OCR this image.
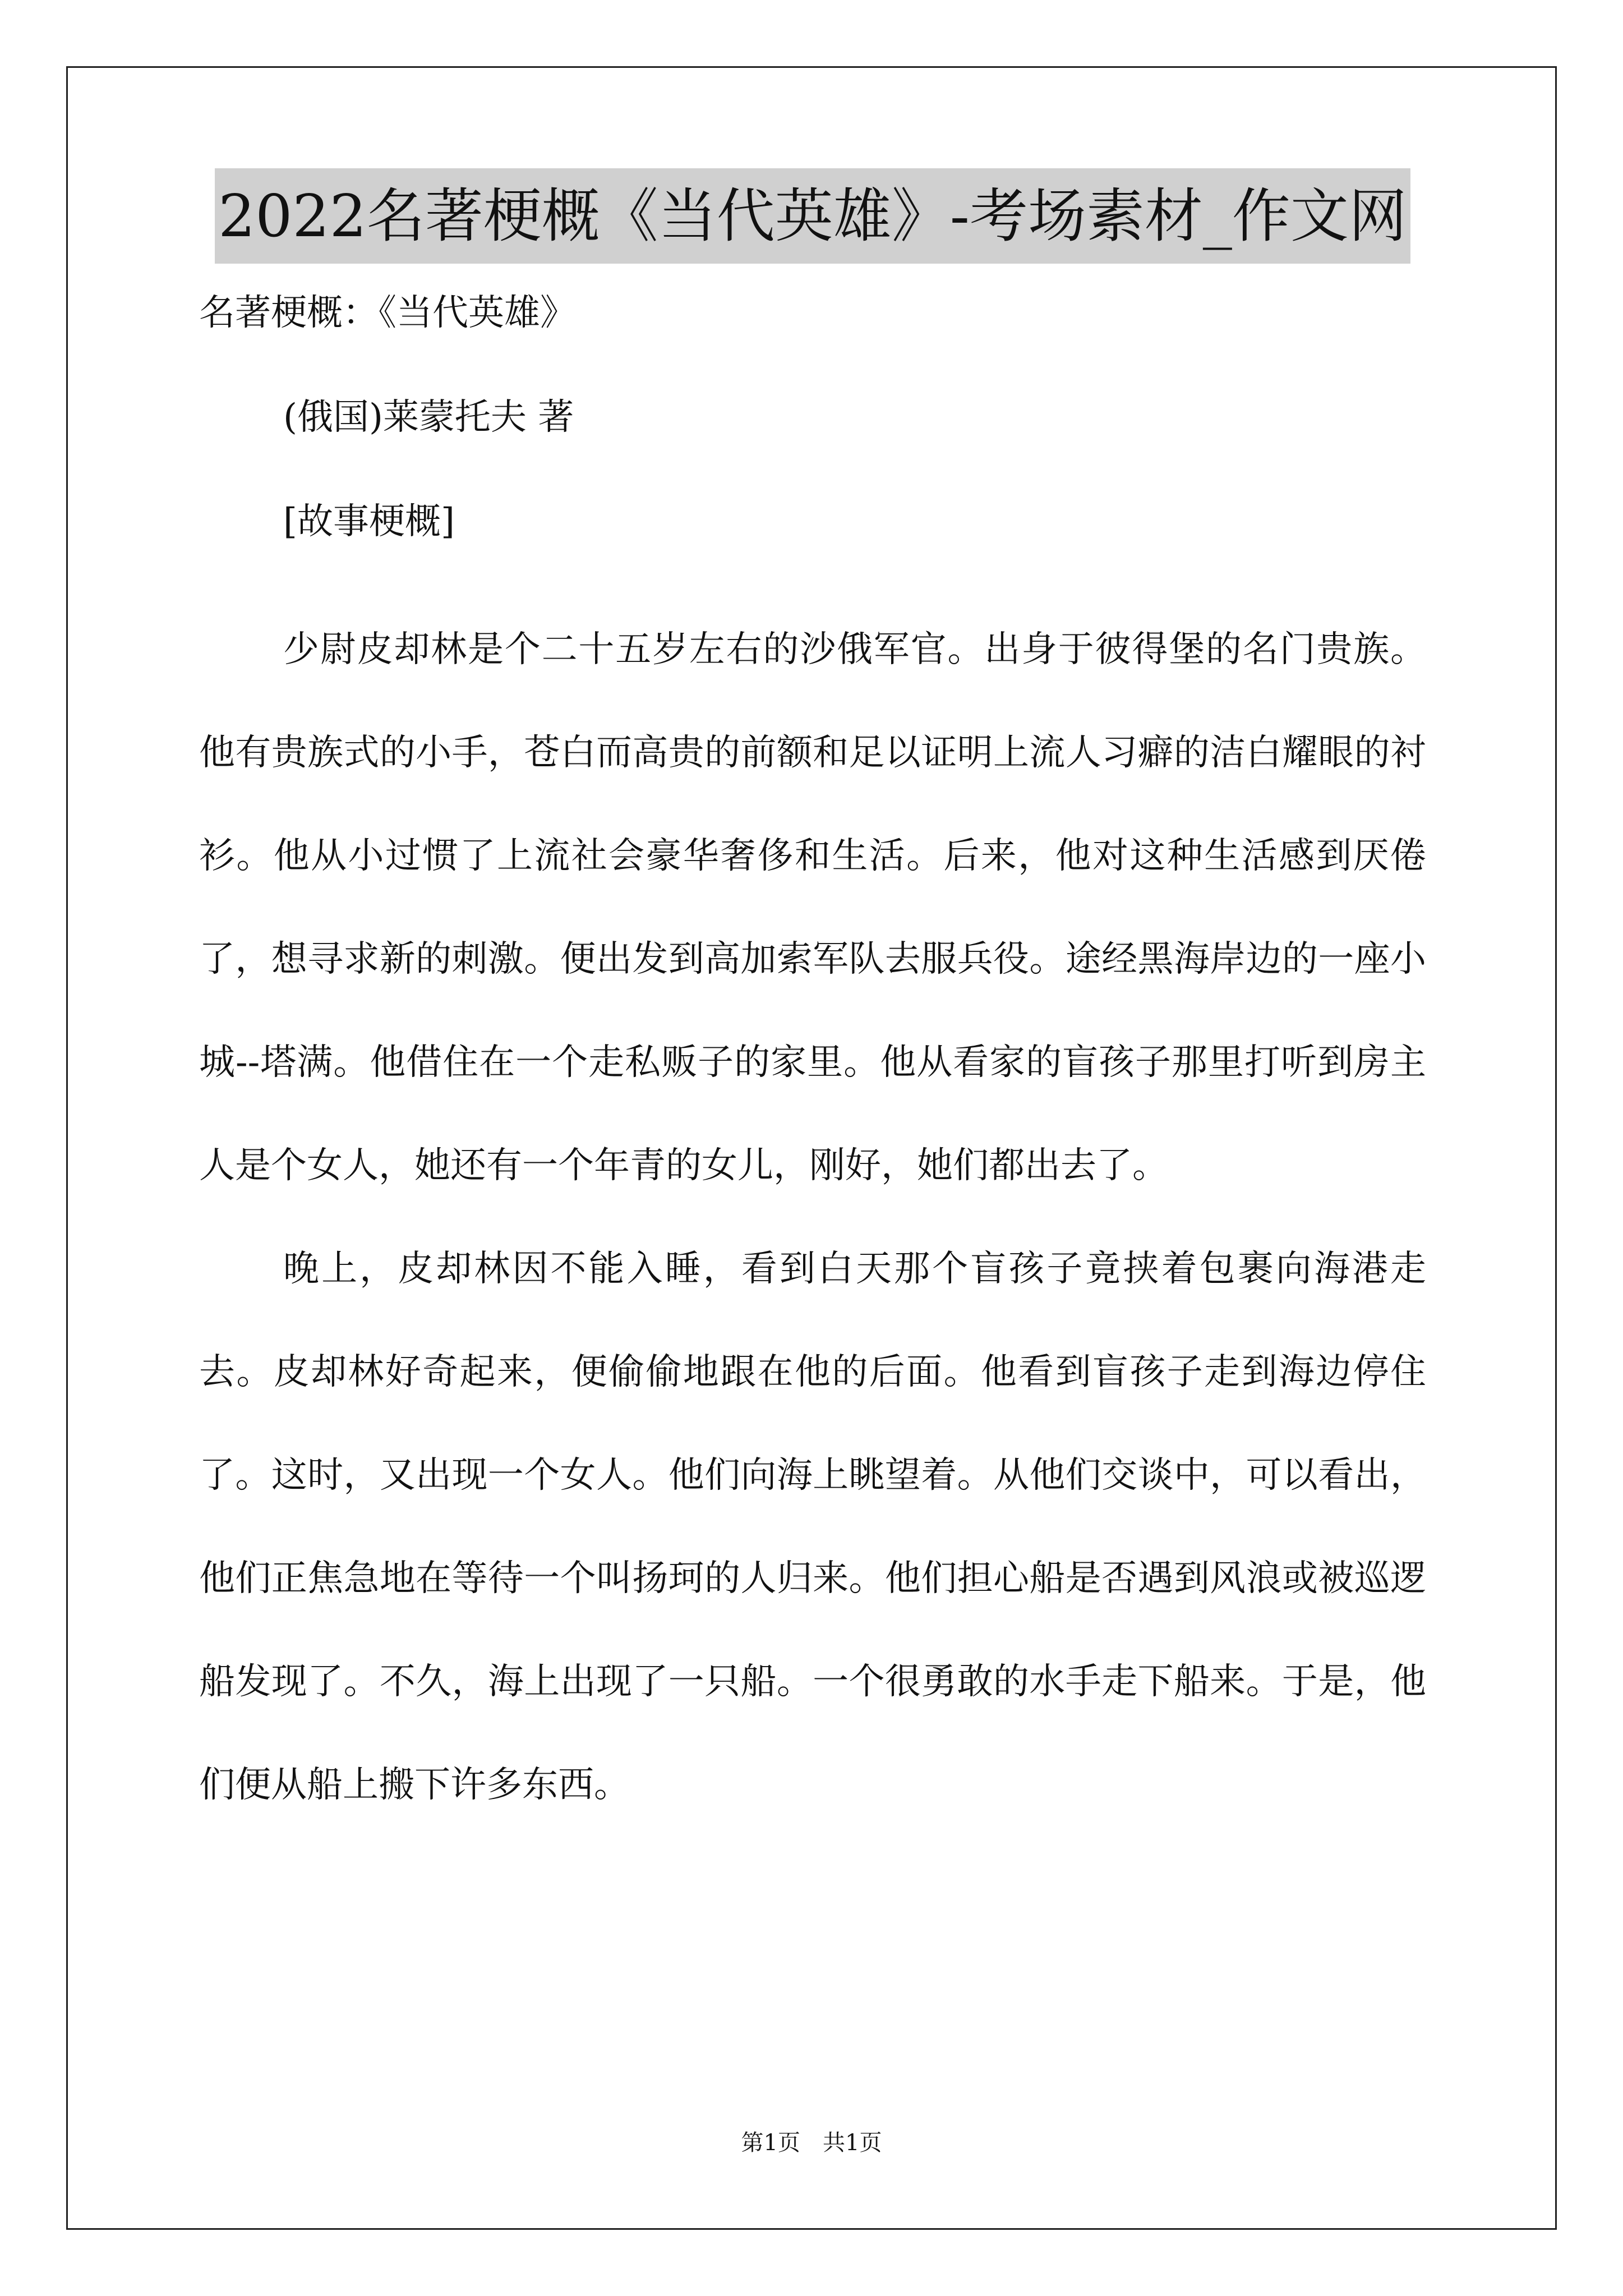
2022名著梗概《当代英雄》-考场素材_作文网

名著梗概：《当代英雄》

(俄国)莱蒙托夫 著

[故事梗概]

少尉皮却林是个二十五岁左右的沙俄军官。出身于彼得堡的名门贵族。他有贵族式的小手，苍白而高贵的前额和足以证明上流人习癖的洁白耀眼的衬衫。他从小过惯了上流社会豪华奢侈和生活。后来，他对这种生活感到厌倦了，想寻求新的刺激。便出发到高加索军队去服兵役。途经黑海岸边的一座小城--塔满。他借住在一个走私贩子的家里。他从看家的盲孩子那里打听到房主人是个女人，她还有一个年青的女儿，刚好，她们都出去了。

晚上，皮却林因不能入睡，看到白天那个盲孩子竟挟着包裹向海港走去。皮却林好奇起来，便偷偷地跟在他的后面。他看到盲孩子走到海边停住了。这时，又出现一个女人。他们向海上眺望着。从他们交谈中，可以看出，他们正焦急地在等待一个叫扬珂的人归来。他们担心船是否遇到风浪或被巡逻船发现了。不久，海上出现了一只船。一个很勇敢的水手走下船来。于是，他们便从船上搬下许多东西。

第1页　共1页
